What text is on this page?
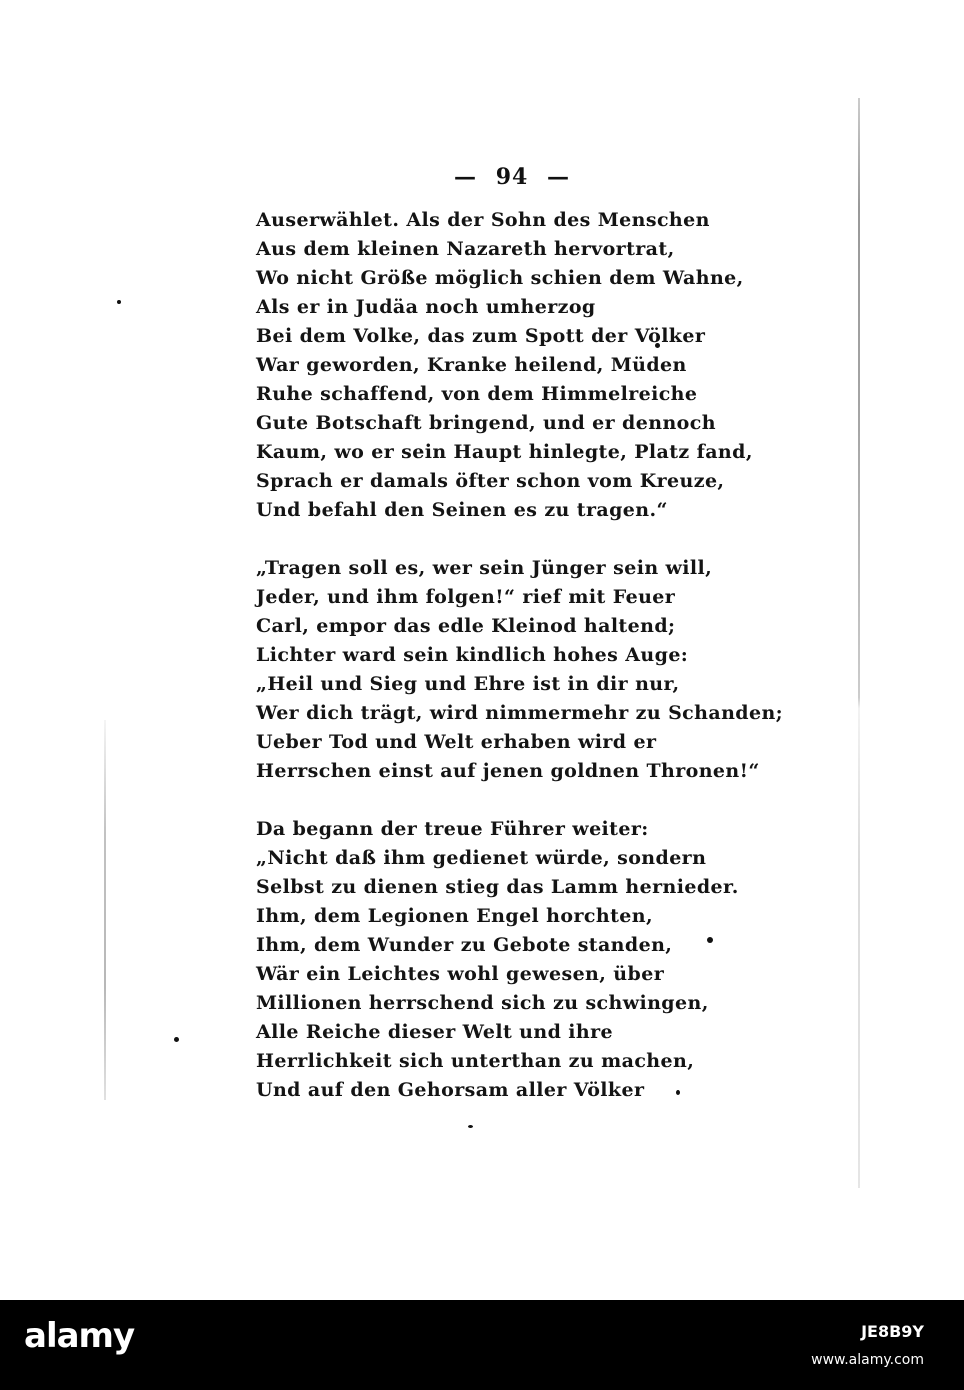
— 94 —
Auserwählet. Als der Sohn des Menschen
Aus dem kleinen Nazareth hervortrat,
Wo nicht Größe möglich schien dem Wahne,
Als er in Judäa noch umherzog
Bei dem Volke, das zum Spott der Völker
War geworden, Kranke heilend, Müden
Ruhe schaffend, von dem Himmelreiche
Gute Botschaft bringend, und er dennoch
Kaum, wo er sein Haupt hinlegte, Platz fand,
Sprach er damals öfter schon vom Kreuze,
Und befahl den Seinen es zu tragen.“
„Tragen soll es, wer sein Jünger sein will,
Jeder, und ihm folgen!“ rief mit Feuer
Carl, empor das edle Kleinod haltend;
Lichter ward sein kindlich hohes Auge:
„Heil und Sieg und Ehre ist in dir nur,
Wer dich trägt, wird nimmermehr zu Schanden;
Ueber Tod und Welt erhaben wird er
Herrschen einst auf jenen goldnen Thronen!“
Da begann der treue Führer weiter:
„Nicht daß ihm gedienet würde, sondern
Selbst zu dienen stieg das Lamm hernieder.
Ihm, dem Legionen Engel horchten,
Ihm, dem Wunder zu Gebote standen,
Wär ein Leichtes wohl gewesen, über
Millionen herrschend sich zu schwingen,
Alle Reiche dieser Welt und ihre
Herrlichkeit sich unterthan zu machen,
Und auf den Gehorsam aller Völker
alamy	JE8B9Y
www.alamy.com
